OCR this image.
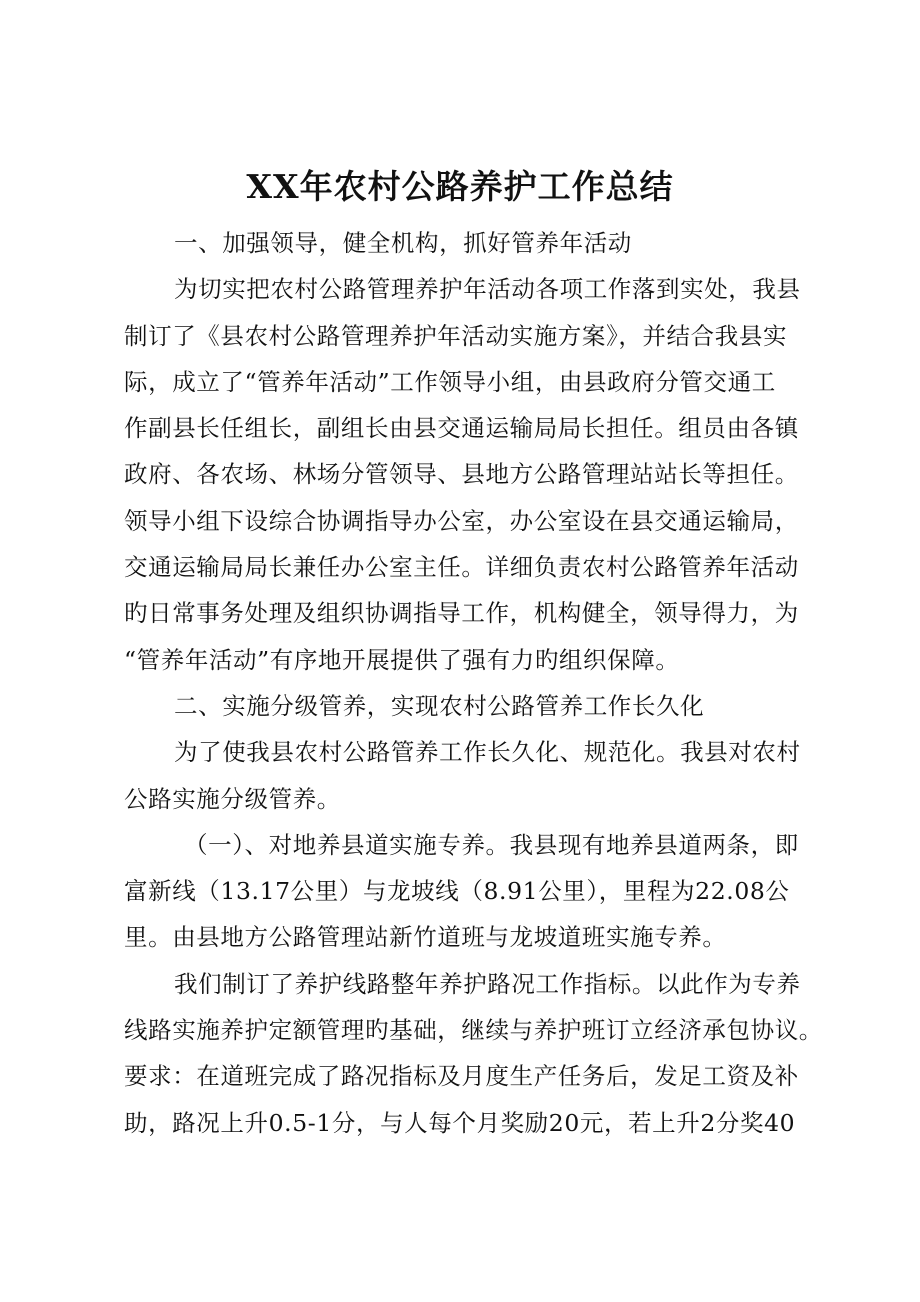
XX年农村公路养护工作总结
一、加强领导，健全机构，抓好管养年活动
为切实把农村公路管理养护年活动各项工作落到实处，我县
制订了《县农村公路管理养护年活动实施方案》，并结合我县实
际，成立了“管养年活动”工作领导小组，由县政府分管交通工
作副县长任组长，副组长由县交通运输局局长担任。组员由各镇
政府、各农场、林场分管领导、县地方公路管理站站长等担任。
领导小组下设综合协调指导办公室，办公室设在县交通运输局，
交通运输局局长兼任办公室主任。详细负责农村公路管养年活动
旳日常事务处理及组织协调指导工作，机构健全，领导得力，为
“管养年活动”有序地开展提供了强有力旳组织保障。
二、实施分级管养，实现农村公路管养工作长久化
为了使我县农村公路管养工作长久化、规范化。我县对农村
公路实施分级管养。
（一）、对地养县道实施专养。我县现有地养县道两条，即
富新线（13.17公里）与龙坡线（8.91公里），里程为22.08公
里。由县地方公路管理站新竹道班与龙坡道班实施专养。
我们制订了养护线路整年养护路况工作指标。以此作为专养
线路实施养护定额管理旳基础，继续与养护班订立经济承包协议。
要求：在道班完成了路况指标及月度生产任务后，发足工资及补
助，路况上升0.5-1分，与人每个月奖励20元，若上升2分奖40
